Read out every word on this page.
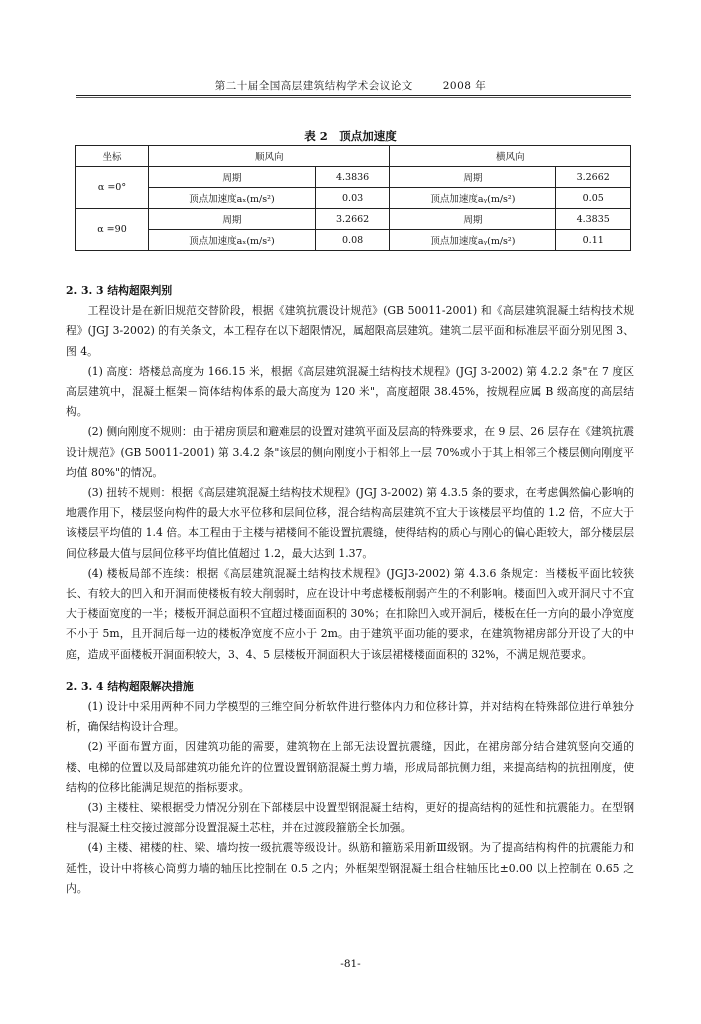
第二十届全国高层建筑结构学术会议论文	2008 年
表 2　顶点加速度
坐标	顺风向		横风向	
α =0°	周期	4.3836	周期	3.2662
	顶点加速度aₓ(m/s²)	0.03	顶点加速度aᵧ(m/s²)	0.05
α =90	周期	3.2662	周期	4.3835
	顶点加速度aₓ(m/s²)	0.08	顶点加速度aᵧ(m/s²)	0.11
2. 3. 3 结构超限判别

工程设计是在新旧规范交替阶段，根据《建筑抗震设计规范》(GB 50011-2001) 和《高层建筑混凝土结构技术规程》(JGJ 3-2002) 的有关条文，本工程存在以下超限情况，属超限高层建筑。建筑二层平面和标准层平面分别见图 3、图 4。

(1) 高度：塔楼总高度为 166.15 米，根据《高层建筑混凝土结构技术规程》(JGJ 3-2002) 第 4.2.2 条"在 7 度区高层建筑中，混凝土框架－筒体结构体系的最大高度为 120 米"，高度超限 38.45%，按规程应属 B 级高度的高层结构。

(2) 侧向刚度不规则：由于裙房顶层和避难层的设置对建筑平面及层高的特殊要求，在 9 层、26 层存在《建筑抗震设计规范》(GB 50011-2001) 第 3.4.2 条"该层的侧向刚度小于相邻上一层 70%或小于其上相邻三个楼层侧向刚度平均值 80%"的情况。

(3) 扭转不规则：根据《高层建筑混凝土结构技术规程》(JGJ 3-2002) 第 4.3.5 条的要求，在考虑偶然偏心影响的地震作用下，楼层竖向构件的最大水平位移和层间位移，混合结构高层建筑不宜大于该楼层平均值的 1.2 倍，不应大于该楼层平均值的 1.4 倍。本工程由于主楼与裙楼间不能设置抗震缝，使得结构的质心与刚心的偏心距较大，部分楼层层间位移最大值与层间位移平均值比值超过 1.2，最大达到 1.37。

(4) 楼板局部不连续：根据《高层建筑混凝土结构技术规程》(JGJ3-2002) 第 4.3.6 条规定：当楼板平面比较狭长、有较大的凹入和开洞而使楼板有较大削弱时，应在设计中考虑楼板削弱产生的不利影响。楼面凹入或开洞尺寸不宜大于楼面宽度的一半；楼板开洞总面积不宜超过楼面面积的 30%；在扣除凹入或开洞后，楼板在任一方向的最小净宽度不小于 5m，且开洞后每一边的楼板净宽度不应小于 2m。由于建筑平面功能的要求，在建筑物裙房部分开设了大的中庭，造成平面楼板开洞面积较大，3、4、5 层楼板开洞面积大于该层裙楼楼面面积的 32%，不满足规范要求。

2. 3. 4 结构超限解决措施

(1) 设计中采用两种不同力学模型的三维空间分析软件进行整体内力和位移计算，并对结构在特殊部位进行单独分析，确保结构设计合理。

(2) 平面布置方面，因建筑功能的需要，建筑物在上部无法设置抗震缝，因此，在裙房部分结合建筑竖向交通的楼、电梯的位置以及局部建筑功能允许的位置设置钢筋混凝土剪力墙，形成局部抗侧力组，来提高结构的抗扭刚度，使结构的位移比能满足规范的指标要求。

(3) 主楼柱、梁根据受力情况分别在下部楼层中设置型钢混凝土结构，更好的提高结构的延性和抗震能力。在型钢柱与混凝土柱交接过渡部分设置混凝土芯柱，并在过渡段箍筋全长加强。

(4) 主楼、裙楼的柱、梁、墙均按一级抗震等级设计。纵筋和箍筋采用新Ⅲ级钢。为了提高结构构件的抗震能力和延性，设计中将核心筒剪力墙的轴压比控制在 0.5 之内；外框架型钢混凝土组合柱轴压比±0.00 以上控制在 0.65 之内。

-81-
